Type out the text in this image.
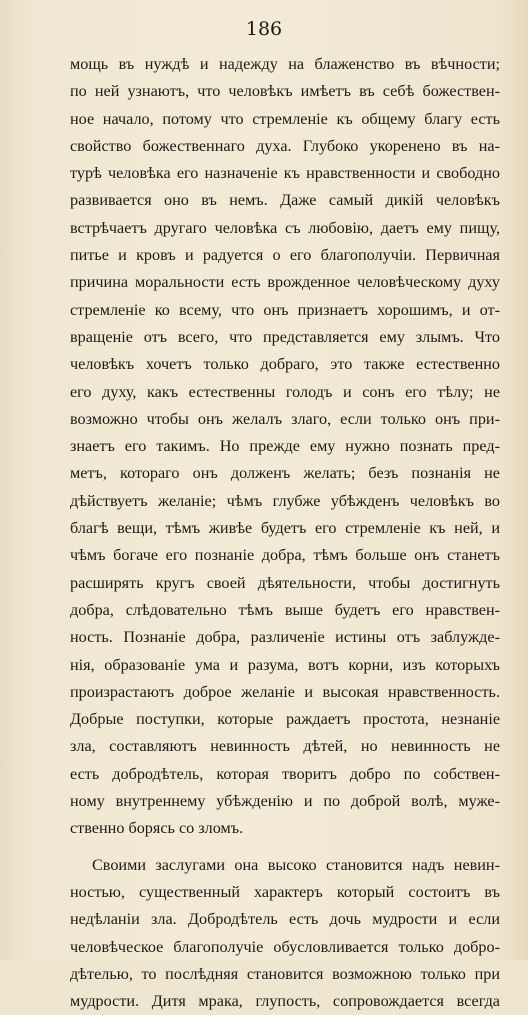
186
мощь въ нуждѣ и надежду на блаженство въ вѣчности;
по ней узнаютъ, что человѣкъ имѣетъ въ себѣ божествен-
ное начало, потому что стремленіе къ общему благу есть
свойство божественнаго духа. Глубоко укоренено въ на-
турѣ человѣка его назначеніе къ нравственности и свободно
развивается оно въ немъ. Даже самый дикій человѣкъ
встрѣчаетъ другаго человѣка съ любовію, даетъ ему пищу,
питье и кровъ и радуется о его благополучіи. Первичная
причина моральности есть врожденное человѣческому духу
стремленіе ко всему, что онъ признаетъ хорошимъ, и от-
вращеніе отъ всего, что представляется ему злымъ. Что
человѣкъ хочетъ только добраго, это также естественно
его духу, какъ естественны голодъ и сонъ его тѣлу; не
возможно чтобы онъ желалъ злаго, если только онъ при-
знаетъ его такимъ. Но прежде ему нужно познать пред-
метъ, котораго онъ долженъ желать; безъ познанія не
дѣйствуетъ желаніе; чѣмъ глубже убѣжденъ человѣкъ во
благѣ вещи, тѣмъ живѣе будетъ его стремленіе къ ней, и
чѣмъ богаче его познаніе добра, тѣмъ больше онъ станетъ
расширять кругъ своей дѣятельности, чтобы достигнуть
добра, слѣдовательно тѣмъ выше будетъ его нравствен-
ность. Познаніе добра, различеніе истины отъ заблужде-
нія, образованіе ума и разума, вотъ корни, изъ которыхъ
произрастаютъ доброе желаніе и высокая нравственность.
Добрые поступки, которые раждаетъ простота, незнаніе
зла, составляютъ невинность дѣтей, но невинность не
есть добродѣтель, которая творитъ добро по собствен-
ному внутреннему убѣжденію и по доброй волѣ, муже-
ственно борясь со зломъ.
Своими заслугами она высоко становится надъ невин-
ностью, существенный характеръ который состоитъ въ
недѣланіи зла. Добродѣтель есть дочь мудрости и если
человѣческое благополучіе обусловливается только добро-
дѣтелью, то послѣдняя становится возможною только при
мудрости. Дитя мрака, глупость, сопровождается всегда
